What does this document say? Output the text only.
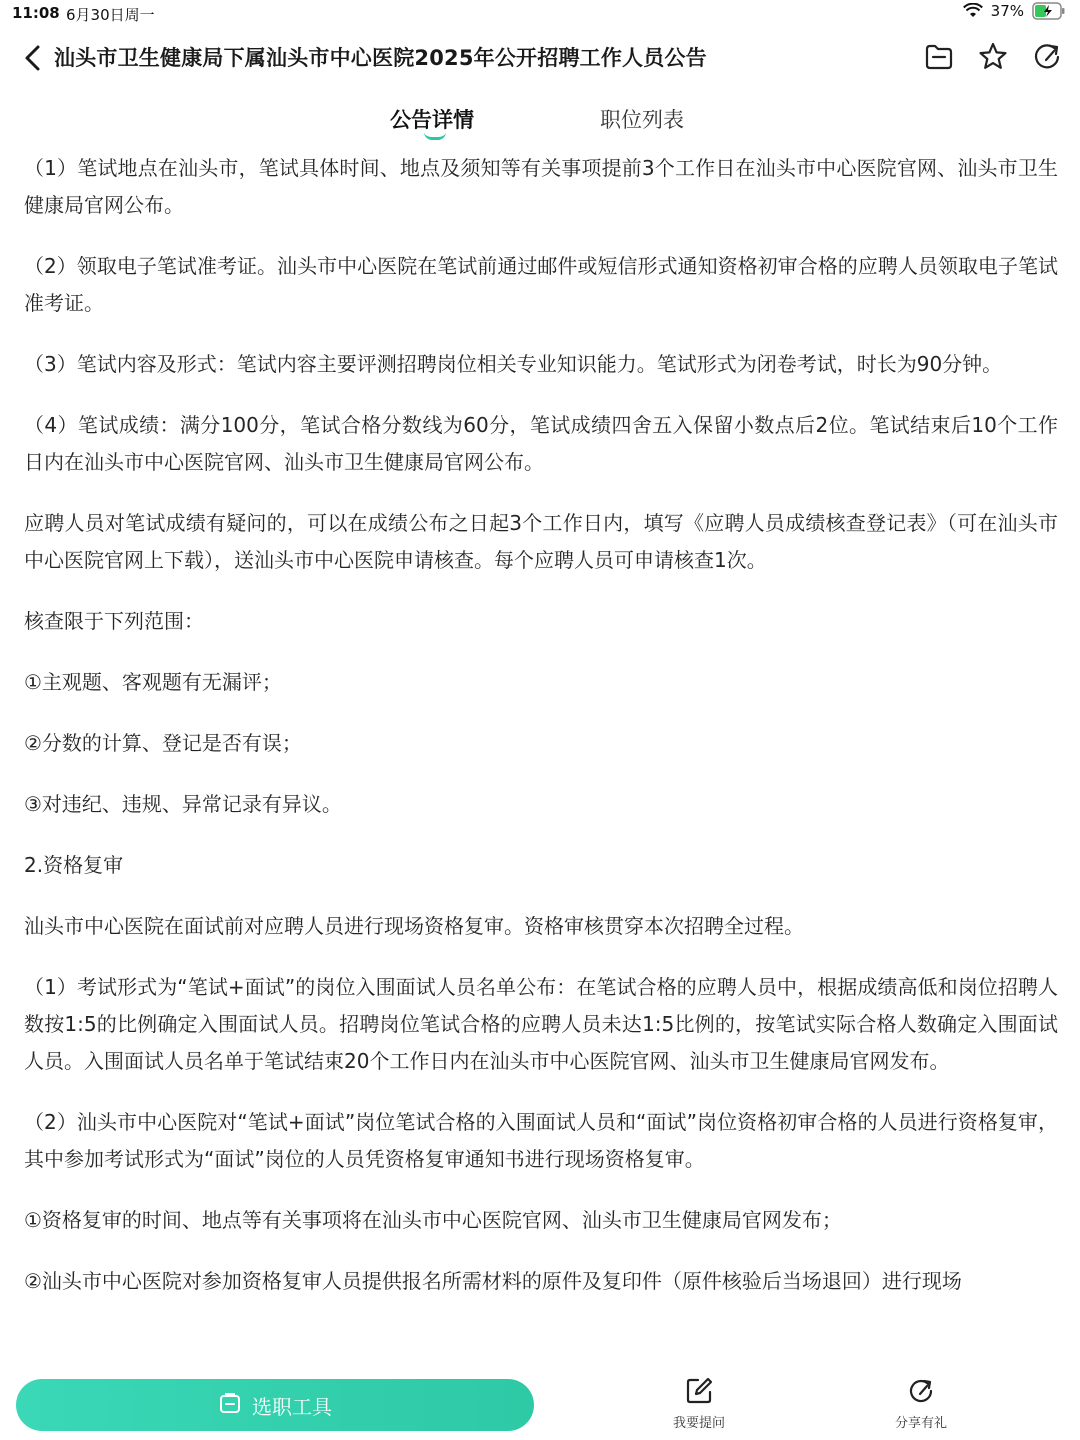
11:08 6月30日周一	37%
汕头市卫生健康局下属汕头市中心医院2025年公开招聘工作人员公告
公告详情	职位列表

（1）笔试地点在汕头市，笔试具体时间、地点及须知等有关事项提前3个工作日在汕头市中心医院官网、汕头市卫生健康局官网公布。

（2）领取电子笔试准考证。汕头市中心医院在笔试前通过邮件或短信形式通知资格初审合格的应聘人员领取电子笔试准考证。

（3）笔试内容及形式：笔试内容主要评测招聘岗位相关专业知识能力。笔试形式为闭卷考试，时长为90分钟。

（4）笔试成绩：满分100分，笔试合格分数线为60分，笔试成绩四舍五入保留小数点后2位。笔试结束后10个工作日内在汕头市中心医院官网、汕头市卫生健康局官网公布。

应聘人员对笔试成绩有疑问的，可以在成绩公布之日起3个工作日内，填写《应聘人员成绩核查登记表》（可在汕头市中心医院官网上下载），送汕头市中心医院申请核查。每个应聘人员可申请核查1次。

核查限于下列范围：

①主观题、客观题有无漏评；

②分数的计算、登记是否有误；

③对违纪、违规、异常记录有异议。

2.资格复审

汕头市中心医院在面试前对应聘人员进行现场资格复审。资格审核贯穿本次招聘全过程。

（1）考试形式为“笔试+面试”的岗位入围面试人员名单公布：在笔试合格的应聘人员中，根据成绩高低和岗位招聘人数按1:5的比例确定入围面试人员。招聘岗位笔试合格的应聘人员未达1:5比例的，按笔试实际合格人数确定入围面试人员。入围面试人员名单于笔试结束20个工作日内在汕头市中心医院官网、汕头市卫生健康局官网发布。

（2）汕头市中心医院对“笔试+面试”岗位笔试合格的入围面试人员和“面试”岗位资格初审合格的人员进行资格复审，其中参加考试形式为“面试”岗位的人员凭资格复审通知书进行现场资格复审。

①资格复审的时间、地点等有关事项将在汕头市中心医院官网、汕头市卫生健康局官网发布；

②汕头市中心医院对参加资格复审人员提供报名所需材料的原件及复印件（原件核验后当场退回）进行现场

选职工具
我要提问	分享有礼
